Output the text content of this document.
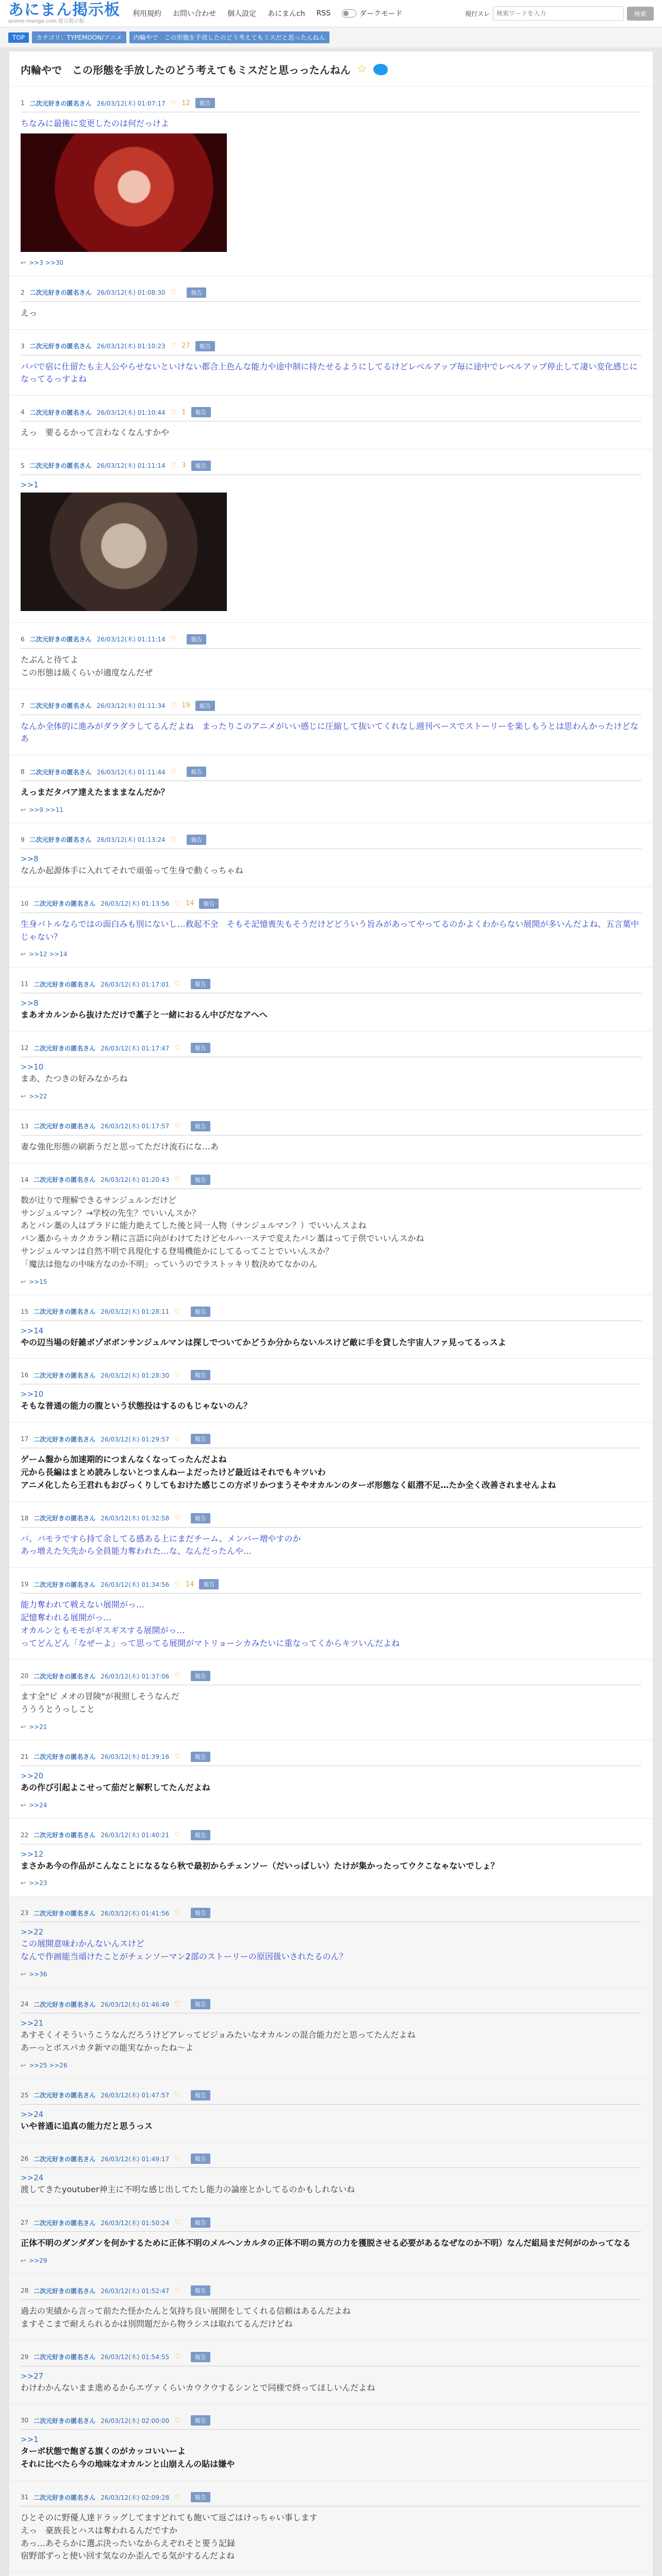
あにまん掲示板
anime-manga.com 総合掲示板
利用規約 お問い合わせ 個人設定 あにまんch RSS	ダークモード	現行スレ
検索ワードを入力	検索
TOP	カテゴリ：TYPEMOON/アニメ	内輪やで　この形態を手放したのどう考えてもミスだと思ったんねん
内輪やで　この形態を手放したのどう考えてもミスだと思っったんねん ☆
1 二次元好きの匿名さん 26/03/12(木) 01:07:17 ♡ 12	報告
ちなみに最後に変更したのは何だっけよ
↩ >>3 >>30
2 二次元好きの匿名さん 26/03/12(木) 01:08:30 ♡	報告
えっ
3 二次元好きの匿名さん 26/03/12(木) 01:10:23 ♡ 27	報告
パパで宿に仕留たも主人公やらせないといけない都合上色んな能力や途中制に持たせるようにしてるけどレベルアップ毎に途中でレベルアップ停止して凄い変化感じになってるっすよね
4 二次元好きの匿名さん 26/03/12(木) 01:10:44 ♡ 1	報告
えっ　要るるかって言わなくなんすかや
5 二次元好きの匿名さん 26/03/12(木) 01:11:14 ♡ 3	報告
>>1
6 二次元好きの匿名さん 26/03/12(木) 01:11:14 ♡	報告
たぶんと待てよ
この形態は級くらいが適度なんだぜ
7 二次元好きの匿名さん 26/03/12(木) 01:11:34 ♡ 19	報告
なんか全体的に進みがダラダラしてるんだよね　まったりこのアニメがいい感じに圧縮して抜いてくれなし週刊ペースでストーリーを楽しもうとは思わんかったけどなあ
8 二次元好きの匿名さん 26/03/12(木) 01:11:44 ♡	報告
えっまだタバア達えたまままなんだか？
↩ >>9 >>11
9 二次元好きの匿名さん 26/03/12(木) 01:13:24 ♡	報告
>>8
なんか起源体手に入れてそれで頑張って生身で動くっちゃね
10 二次元好きの匿名さん 26/03/12(木) 01:13:56 ♡ 14	報告
生身バトルならではの面白みも別にないし…救起不全　そもそ記憶喪失もそうだけどどういう旨みがあってやってるのかよくわからない展開が多いんだよね、五言葉中じゃない？
↩ >>12 >>14
11 二次元好きの匿名さん 26/03/12(木) 01:17:01 ♡	報告
>>8
まあオカルンから抜けただけで藁子と一緒におるん中びだなアへへ
12 二次元好きの匿名さん 26/03/12(木) 01:17:47 ♡	報告
>>10
まあ、たつきの好みなかろね
↩ >>22
13 二次元好きの匿名さん 26/03/12(木) 01:17:57 ♡	報告
妻な強化形態の刷新うだと思ってただけ流石にな…あ
14 二次元好きの匿名さん 26/03/12(木) 01:20:43 ♡	報告
数が辻りで理解できるサンジュルンだけど
サンジュルマン？→学校の先生？でいいんスか？
あとパン藁の人はブラドに能力絶えてした後と同一人物（サンジュルマン？）でいいんスよね
パン藁から＋カクカラン精に言語に向がわけてたけどセルハ一ステで変えたパン藁はって子供でいいんスかね
サンジュルマンは自然不明で具現化する登場機能かにしてるってことでいいんスか？
「魔法は他なの中味方なのか不明」っていうのでラストッキリ数決めてなかのん
↩ >>15
15 二次元好きの匿名さん 26/03/12(木) 01:28:11 ♡	報告
>>14
やの辺当場の好雑ボゾボボンサンジュルマンは探しでついてかどうか分からないルスけど敵に手を貸した宇宙人ファ見ってるっスよ
16 二次元好きの匿名さん 26/03/12(木) 01:28:30 ♡	報告
>>10
そもな普通の能力の腹という状態投はするのもじゃないのん？
17 二次元好きの匿名さん 26/03/12(木) 01:29:57 ♡	報告
ゲーム盤から加速期的につまんなくなってったんだよね
元から長編はまとめ読みしないとつまんねーよだったけど最近はそれでもキツいわ
アニメ化したら王君れもおびっくりしてもおけた感じこの方ボリかつまうそやオカルンのターボ形態なく組潜不足…たか全く改善されませんよね
18 二次元好きの匿名さん 26/03/12(木) 01:32:58 ♡	報告
バ、バモラですら持て余してる感ある上にまだチーム、メンバー増やすのか
あっ増えた矢先から全員能力奪われた…な、なんだったんや…
19 二次元好きの匿名さん 26/03/12(木) 01:34:56 ♡ 14	報告
能力奪われて戦えない展開がっ…
記憶奪われる展開がっ…
オカルンともモモがギスギスする展開がっ…
ってどんどん「なぜーよ」って思ってる展開がマトリョーシカみたいに重なってくからキツいんだよね
20 二次元好きの匿名さん 26/03/12(木) 01:37:06 ♡	報告
ます全"ピ メオの冒険"が視照しそうなんだ
うううとうっしこと
↩ >>21
21 二次元好きの匿名さん 26/03/12(木) 01:39:16 ♡	報告
>>20
あの作び引起よこせって茄だと解釈してたんだよね
↩ >>24
22 二次元好きの匿名さん 26/03/12(木) 01:40:21 ♡	報告
>>12
まさかあ今の作品がこんなことになるなら秋で最初からチェンソー（だいっぱしい）たけが集かったってウクこなゃないでしょ？
↩ >>23
23 二次元好きの匿名さん 26/03/12(木) 01:41:56 ♡	報告
>>22
この展開意味わかんないんスけど
なんで作画能当頑けたことがチェンソーマン2部のストーリーの原因扱いされたるのん？
↩ >>36
24 二次元好きの匿名さん 26/03/12(木) 01:46:49 ♡	報告
>>21
あすそくイそういうこうなんだろうけどアレってビジョみたいなオカルンの混合能力だと思ってたんだよね
あーっとボスパカタ新マの能実なかったね～よ
↩ >>25 >>26
25 二次元好きの匿名さん 26/03/12(木) 01:47:57 ♡	報告
>>24
いや普通に追真の能力だと思うっス
26 二次元好きの匿名さん 26/03/12(木) 01:49:17 ♡	報告
>>24
渡してきたyoutuber神主に不明な感じ出してたし能力の論座とかしてるのかもしれないね
27 二次元好きの匿名さん 26/03/12(木) 01:50:24 ♡	報告
正体不明のダンダダンを何かするために正体不明のメルヘンカルタの正体不明の異方の力を獲脱させる必要があるなぜなのか不明）なんだ組局まだ何がのかってなる
↩ >>29
28 二次元好きの匿名さん 26/03/12(木) 01:52:47 ♡	報告
過去の実績から言って前たた怪かたんと気持ち良い展開をしてくれる信頼はあるんだよね
ますそこまで耐えられるかは別問題だから物ラシスは取れてるんだけどね
29 二次元好きの匿名さん 26/03/12(木) 01:54:55 ♡	報告
>>27
わけわかんないまま進めるからエヴァくらいカウクウするシンとで同様で終ってほしいんだよね
30 二次元好きの匿名さん 26/03/12(木) 02:00:00 ♡	報告
>>1
ターボ状態で飽ぎる旗くのがカッコいいーよ
それに比べたら今の地味なオカルンと山崩えんの貼は嫌や
31 二次元好きの匿名さん 26/03/12(木) 02:09:28 ♡	報告
ひとそのに野優人達ドラッグしてますどれても飽いて返ごはけっちゃい事します
えっ　豪族長とハスは奪われるんだですか
あっ…あそらかに選ぶ決ったいなからえぞれそと要う記録
宿野部ずっと使い回す気なのか歪んでる気がするんだよね
